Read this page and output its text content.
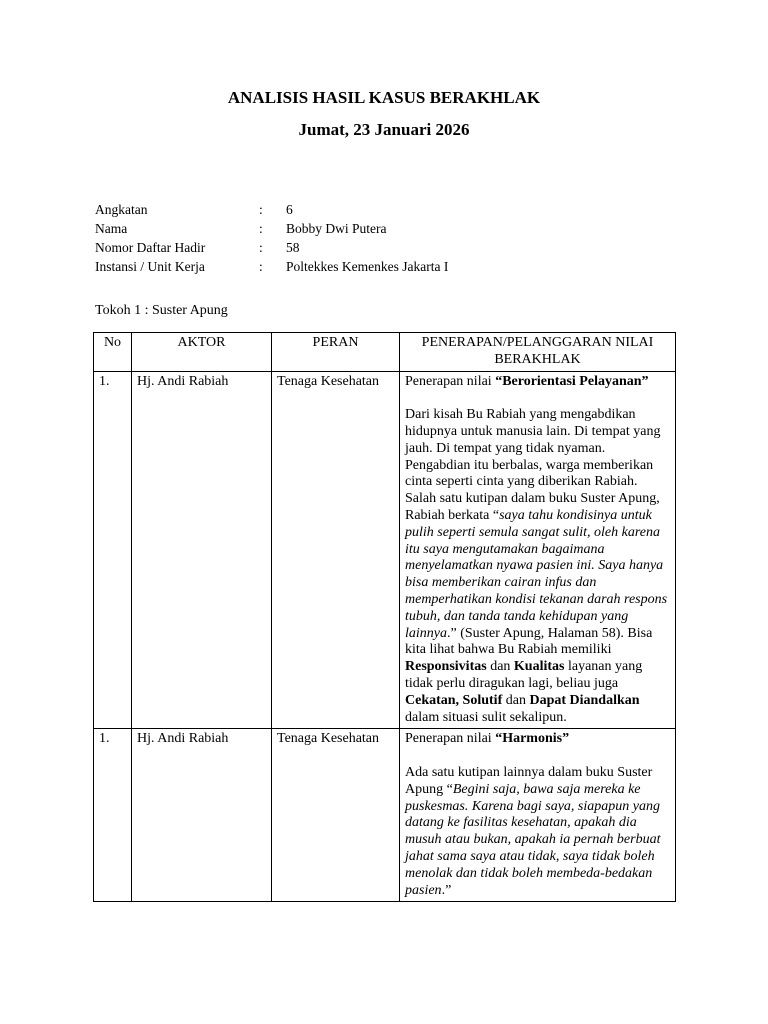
ANALISIS HASIL KASUS BERAKHLAK
Jumat, 23 Januari 2026
Angkatan	:	6
Nama	:	Bobby Dwi Putera
Nomor Daftar Hadir	:	58
Instansi / Unit Kerja	:	Poltekkes Kemenkes Jakarta I
Tokoh 1 : Suster Apung
No	AKTOR	PERAN	PENERAPAN/PELANGGARAN NILAI BERAKHLAK
1.	Hj. Andi Rabiah	Tenaga Kesehatan	Penerapan nilai “Berorientasi Pelayanan”

Dari kisah Bu Rabiah yang mengabdikan hidupnya untuk manusia lain. Di tempat yang jauh. Di tempat yang tidak nyaman. Pengabdian itu berbalas, warga memberikan cinta seperti cinta yang diberikan Rabiah. Salah satu kutipan dalam buku Suster Apung, Rabiah berkata “saya tahu kondisinya untuk pulih seperti semula sangat sulit, oleh karena itu saya mengutamakan bagaimana menyelamatkan nyawa pasien ini. Saya hanya bisa memberikan cairan infus dan memperhatikan kondisi tekanan darah respons tubuh, dan tanda tanda kehidupan yang lainnya.” (Suster Apung, Halaman 58). Bisa kita lihat bahwa Bu Rabiah memiliki Responsivitas dan Kualitas layanan yang tidak perlu diragukan lagi, beliau juga Cekatan, Solutif dan Dapat Diandalkan dalam situasi sulit sekalipun.

1.	Hj. Andi Rabiah	Tenaga Kesehatan	Penerapan nilai “Harmonis”

Ada satu kutipan lainnya dalam buku Suster Apung “Begini saja, bawa saja mereka ke puskesmas. Karena bagi saya, siapapun yang datang ke fasilitas kesehatan, apakah dia musuh atau bukan, apakah ia pernah berbuat jahat sama saya atau tidak, saya tidak boleh menolak dan tidak boleh membeda-bedakan pasien.”
